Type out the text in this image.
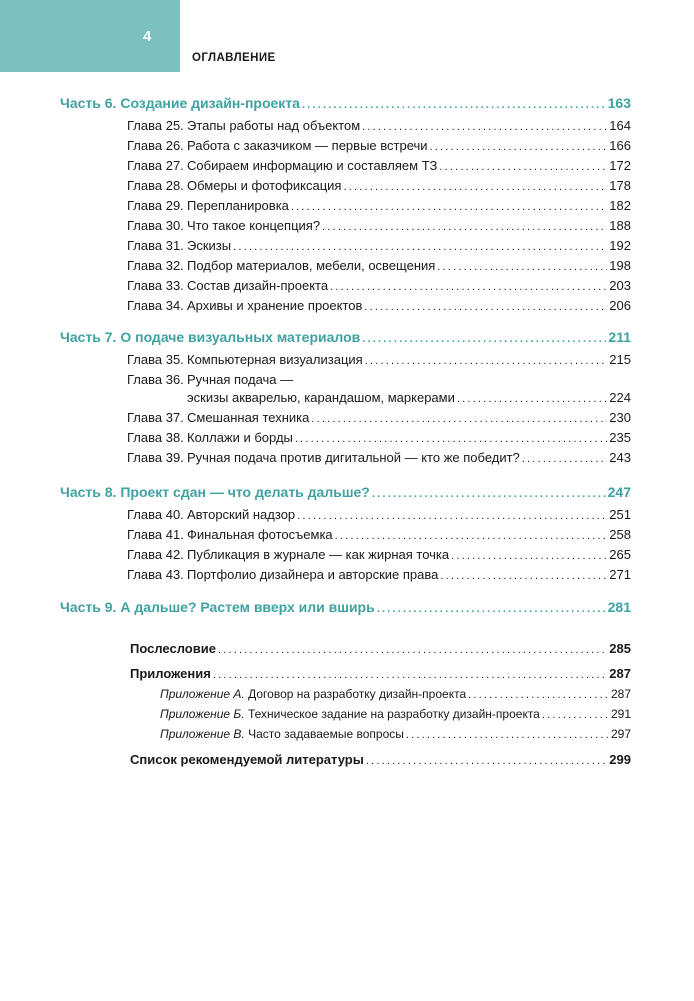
4
ОГЛАВЛЕНИЕ
Часть 6. Создание дизайн-проекта .....	163
Глава 25. Этапы работы над объектом .....	164
Глава 26. Работа с заказчиком — первые встречи .....	166
Глава 27. Собираем информацию и составляем ТЗ .....	172
Глава 28. Обмеры и фотофиксация .....	178
Глава 29. Перепланировка .....	182
Глава 30. Что такое концепция? .....	188
Глава 31. Эскизы .....	192
Глава 32. Подбор материалов, мебели, освещения .....	198
Глава 33. Состав дизайн-проекта .....	203
Глава 34. Архивы и хранение проектов .....	206
Часть 7. О подаче визуальных материалов .....	211
Глава 35. Компьютерная визуализация .....	215
Глава 36. Ручная подача —
эскизы акварелью, карандашом, маркерами .....	224
Глава 37. Смешанная техника .....	230
Глава 38. Коллажи и борды .....	235
Глава 39. Ручная подача против дигитальной — кто же победит? .....	243
Часть 8. Проект сдан — что делать дальше? .....	247
Глава 40. Авторский надзор .....	251
Глава 41. Финальная фотосъемка .....	258
Глава 42. Публикация в журнале — как жирная точка .....	265
Глава 43. Портфолио дизайнера и авторские права .....	271
Часть 9. А дальше? Растем вверх или вширь .....	281
Послесловие .....	285
Приложения .....	287
Приложение А. Договор на разработку дизайн-проекта .....	287
Приложение Б. Техническое задание на разработку дизайн-проекта .....	291
Приложение В. Часто задаваемые вопросы .....	297
Список рекомендуемой литературы .....	299
